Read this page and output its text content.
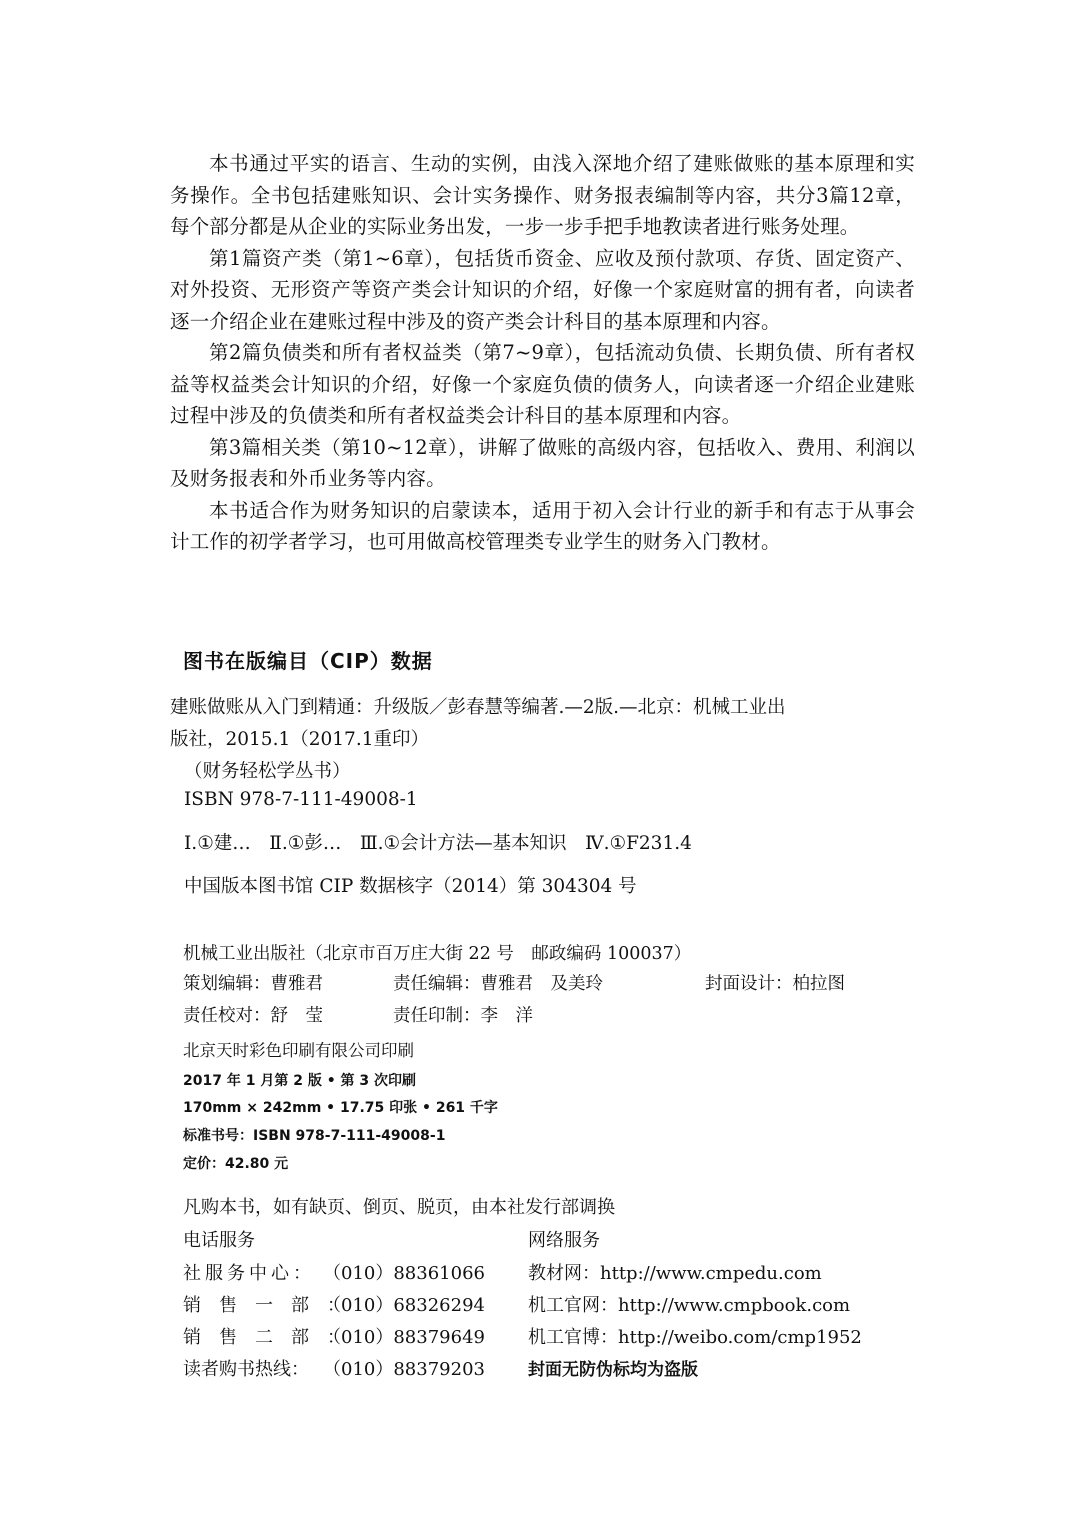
本书通过平实的语言、生动的实例，由浅入深地介绍了建账做账的基本原理和实务操作。全书包括建账知识、会计实务操作、财务报表编制等内容，共分3篇12章，每个部分都是从企业的实际业务出发，一步一步手把手地教读者进行账务处理。

第1篇资产类（第1~6章），包括货币资金、应收及预付款项、存货、固定资产、对外投资、无形资产等资产类会计知识的介绍，好像一个家庭财富的拥有者，向读者逐一介绍企业在建账过程中涉及的资产类会计科目的基本原理和内容。

第2篇负债类和所有者权益类（第7~9章），包括流动负债、长期负债、所有者权益等权益类会计知识的介绍，好像一个家庭负债的债务人，向读者逐一介绍企业建账过程中涉及的负债类和所有者权益类会计科目的基本原理和内容。

第3篇相关类（第10~12章），讲解了做账的高级内容，包括收入、费用、利润以及财务报表和外币业务等内容。

本书适合作为财务知识的启蒙读本，适用于初入会计行业的新手和有志于从事会计工作的初学者学习，也可用做高校管理类专业学生的财务入门教材。

图书在版编目（CIP）数据
建账做账从入门到精通：升级版／彭春慧等编著.—2版.—北京：机械工业出
版社，2015.1（2017.1重印）
（财务轻松学丛书）
ISBN 978-7-111-49008-1
Ⅰ.①建…　Ⅱ.①彭…　Ⅲ.①会计方法—基本知识　Ⅳ.①F231.4
中国版本图书馆 CIP 数据核字（2014）第 304304 号
机械工业出版社（北京市百万庄大街 22 号　邮政编码 100037）
策划编辑：曹雅君	责任编辑：曹雅君　及美玲	封面设计：柏拉图
责任校对：舒　莹	责任印制：李　洋
北京天时彩色印刷有限公司印刷
2017 年 1 月第 2 版 • 第 3 次印刷
170mm × 242mm • 17.75 印张 • 261 千字
标准书号：ISBN 978-7-111-49008-1
定价：42.80 元
凡购本书，如有缺页、倒页、脱页，由本社发行部调换
电话服务	网络服务
社服务中心： （010）88361066 教材网：http://www.cmpedu.com
销售一部：（010）68326294 机工官网：http://www.cmpbook.com
销售二部：（010）88379649 机工官博：http://weibo.com/cmp1952
读者购书热线： （010）88379203	封面无防伪标均为盗版
